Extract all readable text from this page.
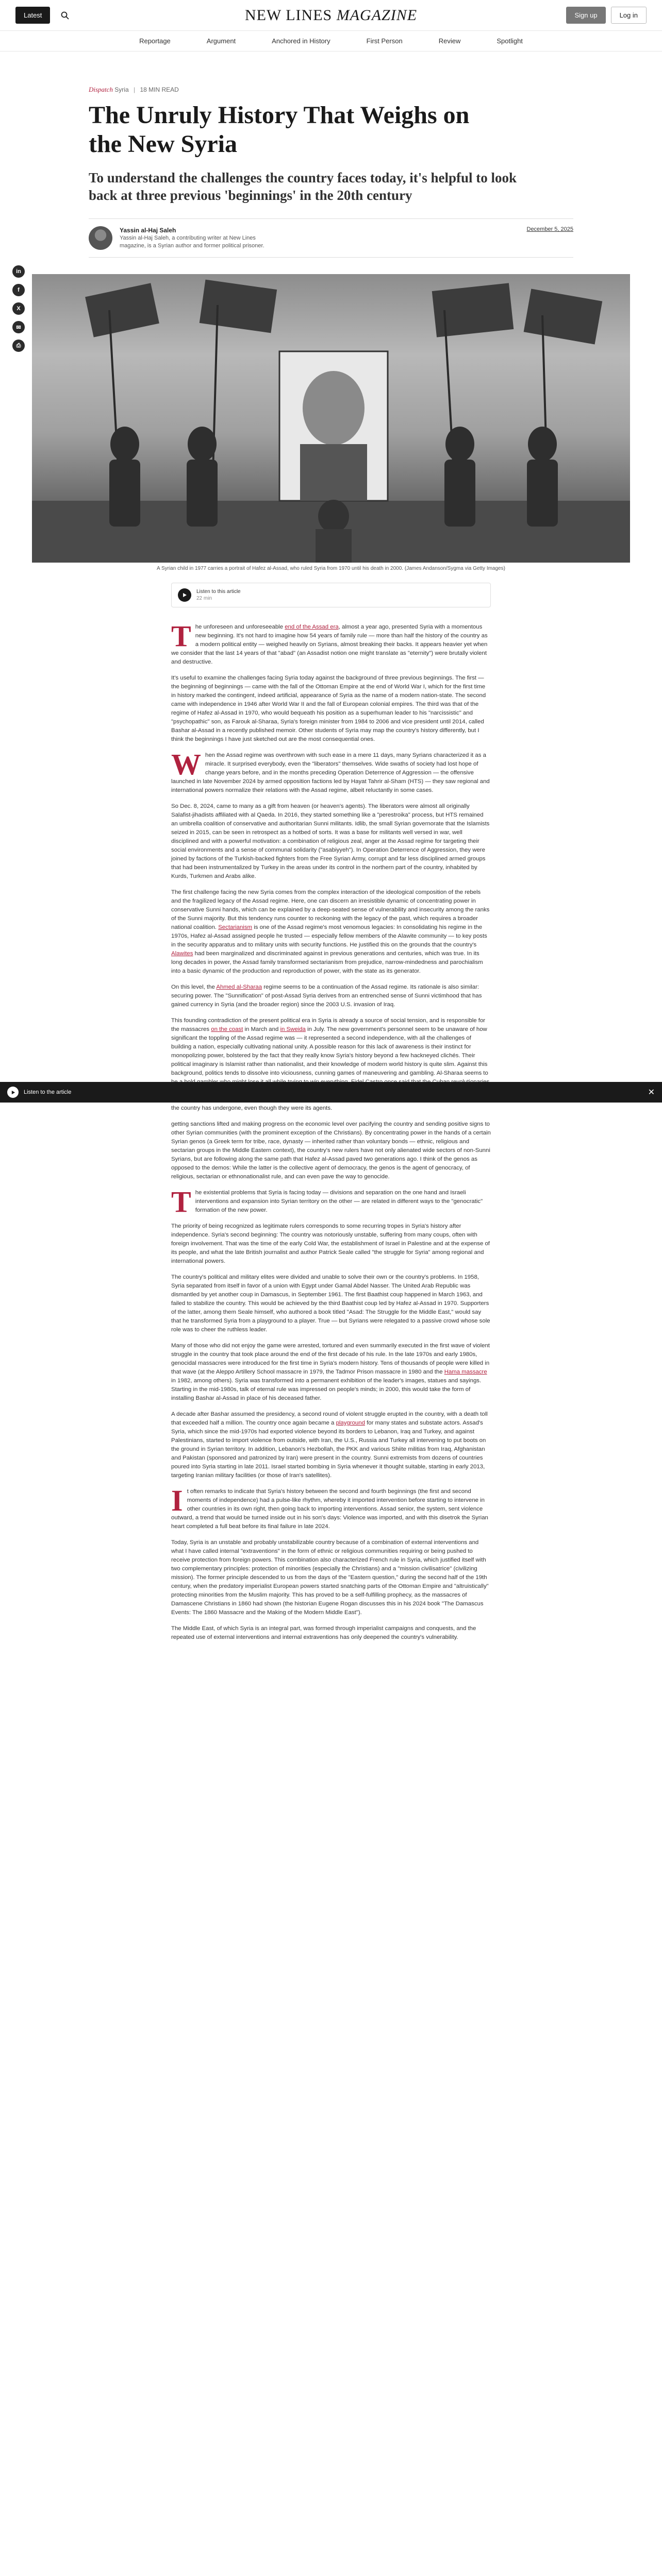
Latest	NEW LINES MAGAZINE	Sign up	Log in
Reportage	Argument	Anchored in History	First Person	Review	Spotlight
in
f
X
✉
⎙
Dispatch Syria | 18 MIN READ
The Unruly History That Weighs on the New Syria
To understand the challenges the country faces today, it's helpful to look back at three previous 'beginnings' in the 20th century
Yassin al-Haj Saleh
Yassin al-Haj Saleh, a contributing writer at New Lines magazine, is a Syrian author and former political prisoner.
December 5, 2025
A Syrian child in 1977 carries a portrait of Hafez al-Assad, who ruled Syria from 1970 until his death in 2000. (James Andanson/Sygma via Getty Images)
Listen to this article
22 min

The unforeseen and unforeseeable end of the Assad era, almost a year ago, presented Syria with a momentous new beginning. It's not hard to imagine how 54 years of family rule — more than half the history of the country as a modern political entity — weighed heavily on Syrians, almost breaking their backs. It appears heavier yet when we consider that the last 14 years of that "abad" (an Assadist notion one might translate as "eternity") were brutally violent and destructive.

It's useful to examine the challenges facing Syria today against the background of three previous beginnings. The first — the beginning of beginnings — came with the fall of the Ottoman Empire at the end of World War I, which for the first time in history marked the contingent, indeed artificial, appearance of Syria as the name of a modern nation-state. The second came with independence in 1946 after World War II and the fall of European colonial empires. The third was that of the regime of Hafez al-Assad in 1970, who would bequeath his position as a superhuman leader to his "narcissistic" and "psychopathic" son, as Farouk al-Sharaa, Syria's foreign minister from 1984 to 2006 and vice president until 2014, called Bashar al-Assad in a recently published memoir. Other students of Syria may map the country's history differently, but I think the beginnings I have just sketched out are the most consequential ones.

When the Assad regime was overthrown with such ease in a mere 11 days, many Syrians characterized it as a miracle. It surprised everybody, even the "liberators" themselves. Wide swaths of society had lost hope of change years before, and in the months preceding Operation Deterrence of Aggression — the offensive launched in late November 2024 by armed opposition factions led by Hayat Tahrir al-Sham (HTS) — they saw regional and international powers normalize their relations with the Assad regime, albeit reluctantly in some cases.

So Dec. 8, 2024, came to many as a gift from heaven (or heaven's agents). The liberators were almost all originally Salafist-jihadists affiliated with al Qaeda. In 2016, they started something like a "perestroika" process, but HTS remained an umbrella coalition of conservative and authoritarian Sunni militants. Idlib, the small Syrian governorate that the Islamists seized in 2015, can be seen in retrospect as a hotbed of sorts. It was a base for militants well versed in war, well disciplined and with a powerful motivation: a combination of religious zeal, anger at the Assad regime for targeting their social environments and a sense of communal solidarity ("asabiyyeh"). In Operation Deterrence of Aggression, they were joined by factions of the Turkish-backed fighters from the Free Syrian Army, corrupt and far less disciplined armed groups that had been instrumentalized by Turkey in the areas under its control in the northern part of the country, inhabited by Kurds, Turkmen and Arabs alike.

The first challenge facing the new Syria comes from the complex interaction of the ideological composition of the rebels and the fragilized legacy of the Assad regime. Here, one can discern an irresistible dynamic of concentrating power in conservative Sunni hands, which can be explained by a deep-seated sense of vulnerability and insecurity among the ranks of the Sunni majority. But this tendency runs counter to reckoning with the legacy of the past, which requires a broader national coalition. Sectarianism is one of the Assad regime's most venomous legacies: In consolidating his regime in the 1970s, Hafez al-Assad assigned people he trusted — especially fellow members of the Alawite community — to key posts in the security apparatus and to military units with security functions. He justified this on the grounds that the country's Alawites had been marginalized and discriminated against in previous generations and centuries, which was true. In its long decades in power, the Assad family transformed sectarianism from prejudice, narrow-mindedness and parochialism into a basic dynamic of the production and reproduction of power, with the state as its generator.

On this level, the Ahmed al-Sharaa regime seems to be a continuation of the Assad regime. Its rationale is also similar: securing power. The "Sunnification" of post-Assad Syria derives from an entrenched sense of Sunni victimhood that has gained currency in Syria (and the broader region) since the 2003 U.S. invasion of Iraq.

This founding contradiction of the present political era in Syria is already a source of social tension, and is responsible for the massacres on the coast in March and in Sweida in July. The new government's personnel seem to be unaware of how significant the toppling of the Assad regime was — it represented a second independence, with all the challenges of building a nation, especially cultivating national unity. A possible reason for this lack of awareness is their instinct for monopolizing power, bolstered by the fact that they really know Syria's history beyond a few hackneyed clichés. Their political imaginary is Islamist rather than nationalist, and their knowledge of modern world history is quite slim. Against this background, politics tends to dissolve into viciousness, cunning games of maneuvering and gambling. Al-Sharaa seems to the country has undergone, even though they were its agents.

getting sanctions lifted and making progress on the economic level over pacifying the country and sending positive signs to other Syrian communities (with the prominent exception of the Christians). By concentrating power in the hands of a certain Syrian genos (a Greek term for tribe, race, dynasty — inherited rather than voluntary bonds — ethnic, religious and sectarian groups in the Middle Eastern context), the country's new rulers have not only alienated wide sectors of non-Sunni Syrians, but are following along the same path that Hafez al-Assad paved two generations ago. I think of the genos as opposed to the demos: While the latter is the collective agent of democracy, the genos is the agent of genocracy, of religious, sectarian or ethnonationalist rule, and can even pave the way to genocide.

The existential problems that Syria is facing today — divisions and separation on the one hand and Israeli interventions and expansion into Syrian territory on the other — are related in different ways to the "genocratic" formation of the new power.

The priority of being recognized as legitimate rulers corresponds to some recurring tropes in Syria's history after independence. Syria's second beginning: The country was notoriously unstable, suffering from many coups, often with foreign involvement. That was the time of the early Cold War, the establishment of Israel in Palestine and at the expense of its people, and what the late British journalist and author Patrick Seale called "the struggle for Syria" among regional and international powers.

The country's political and military elites were divided and unable to solve their own or the country's problems. In 1958, Syria separated from itself in favor of a union with Egypt under Gamal Abdel Nasser. The United Arab Republic was dismantled by yet another coup in Damascus, in September 1961. The first Baathist coup happened in March 1963, and failed to stabilize the country. This would be achieved by the third Baathist coup led by Hafez al-Assad in 1970. Supporters of the latter, among them Seale himself, who authored a book titled "Asad: The Struggle for the Middle East," would say that he transformed Syria from a playground to a player. True — but Syrians were relegated to a passive crowd whose sole role was to cheer the ruthless leader.

Many of those who did not enjoy the game were arrested, tortured and even summarily executed in the first wave of violent struggle in the country that took place around the end of the first decade of his rule. In the late 1970s and early 1980s, genocidal massacres were introduced for the first time in Syria's modern history. Tens of thousands of people were killed in that wave (at the Aleppo Artillery School massacre in 1979, the Tadmor Prison massacre in 1980 and the Hama massacre in 1982, among others). Syria was transformed into a permanent exhibition of the leader's images, statues and sayings. Starting in the mid-1980s, talk of eternal rule was impressed on people's minds; in 2000, this would take the form of installing Bashar al-Assad in place of his deceased father.

A decade after Bashar assumed the presidency, a second round of violent struggle erupted in the country, with a death toll that exceeded half a million. The country once again became a playground for many states and substate actors. Assad's Syria, which since the mid-1970s had exported violence beyond its borders to Lebanon, Iraq and Turkey, and against Palestinians, started to import violence from outside, with Iran, the U.S., Russia and Turkey all intervening to put boots on the ground in Syrian territory. In addition, Lebanon's Hezbollah, the PKK and various Shiite militias from Iraq, Afghanistan and Pakistan (sponsored and patronized by Iran) were present in the country. Sunni extremists from dozens of countries poured into Syria starting in late 2011. Israel started bombing in Syria whenever it thought suitable, starting in early 2013, targeting Iranian military facilities (or those of Iran's satellites).

It often remarks to indicate that Syria's history between the second and fourth beginnings (the first and second moments of independence) had a pulse-like rhythm, whereby it imported intervention before starting to intervene in other countries in its own right, then going back to importing interventions. Assad senior, the system, sent violence outward, a trend that would be turned inside out in his son's days: Violence was imported, and with this disetrok the Syrian heart completed a full beat before its final failure in late 2024.

Today, Syria is an unstable and probably unstabilizable country because of a combination of external interventions and what I have called internal "extraventions" in the form of ethnic or religious communities requiring or being pushed to receive protection from foreign powers. This combination also characterized French rule in Syria, which justified itself with two complementary principles: protection of minorities (especially the Christians) and a "mission civilisatrice" (civilizing mission). The former principle descended to us from the days of the "Eastern question," during the second half of the 19th century, when the predatory imperialist European powers started snatching parts of the Ottoman Empire and "altruistically" protecting minorities from the Muslim majority. This has proved to be a self-fulfilling prophecy, as the massacres of Damascene Christians in 1860 had shown (the historian Eugene Rogan discusses this in his 2024 book "The Damascus Events: The 1860 Massacre and the Making of the Modern Middle East").

The Middle East, of which Syria is an integral part, was formed through imperialist campaigns and conquests, and the repeated use of external interventions and internal extraventions has only deepened the country's vulnerability.

Listen to the article	✕
